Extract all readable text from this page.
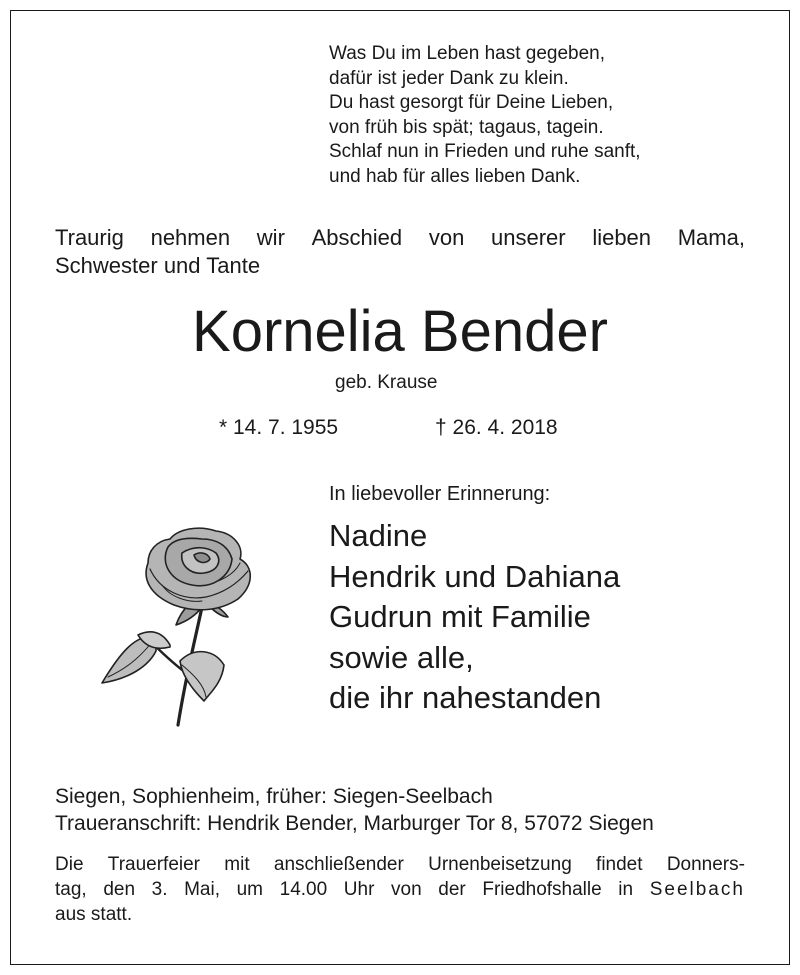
Was Du im Leben hast gegeben,
dafür ist jeder Dank zu klein.
Du hast gesorgt für Deine Lieben,
von früh bis spät; tagaus, tagein.
Schlaf nun in Frieden und ruhe sanft,
und hab für alles lieben Dank.
Traurig nehmen wir Abschied von unserer lieben Mama,
Schwester und Tante
Kornelia Bender
geb. Krause
* 14. 7. 1955	† 26. 4. 2018
In liebevoller Erinnerung:
Nadine
Hendrik und Dahiana
Gudrun mit Familie
sowie alle,
die ihr nahestanden
Siegen, Sophienheim, früher: Siegen-Seelbach
Traueranschrift: Hendrik Bender, Marburger Tor 8, 57072 Siegen
Die Trauerfeier mit anschließender Urnenbeisetzung findet Donners-
tag, den 3. Mai, um 14.00 Uhr von der Friedhofshalle in Seelbach
aus statt.
